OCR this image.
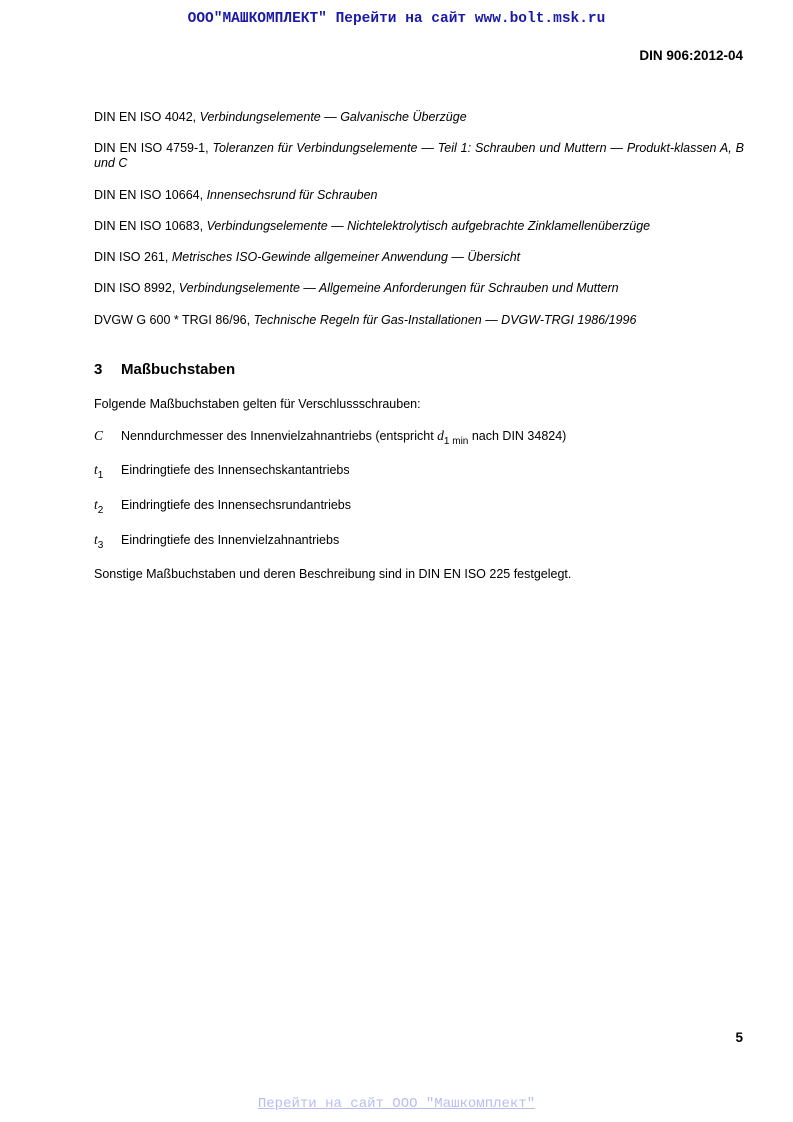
ООО"МАШКОМПЛЕКТ" Перейти на сайт www.bolt.msk.ru
DIN 906:2012-04
DIN EN ISO 4042, Verbindungselemente — Galvanische Überzüge
DIN EN ISO 4759-1, Toleranzen für Verbindungselemente — Teil 1: Schrauben und Muttern — Produkt-klassen A, B und C
DIN EN ISO 10664, Innensechsrund für Schrauben
DIN EN ISO 10683, Verbindungselemente — Nichtelektrolytisch aufgebrachte Zinklamellenüberzüge
DIN ISO 261, Metrisches ISO-Gewinde allgemeiner Anwendung — Übersicht
DIN ISO 8992, Verbindungselemente — Allgemeine Anforderungen für Schrauben und Muttern
DVGW G 600 * TRGI 86/96, Technische Regeln für Gas-Installationen — DVGW-TRGI 1986/1996
3 Maßbuchstaben
Folgende Maßbuchstaben gelten für Verschlussschrauben:
C Nenndurchmesser des Innenvielzahnantriebs (entspricht $d_{1 min}$ nach DIN 34824)
$t_1$ Eindringtiefe des Innensechskantantriebs
$t_2$ Eindringtiefe des Innensechsrundantriebs
$t_3$ Eindringtiefe des Innenvielzahnantriebs
Sonstige Maßbuchstaben und deren Beschreibung sind in DIN EN ISO 225 festgelegt.
5
Перейти на сайт ООО "Машкомплект"
